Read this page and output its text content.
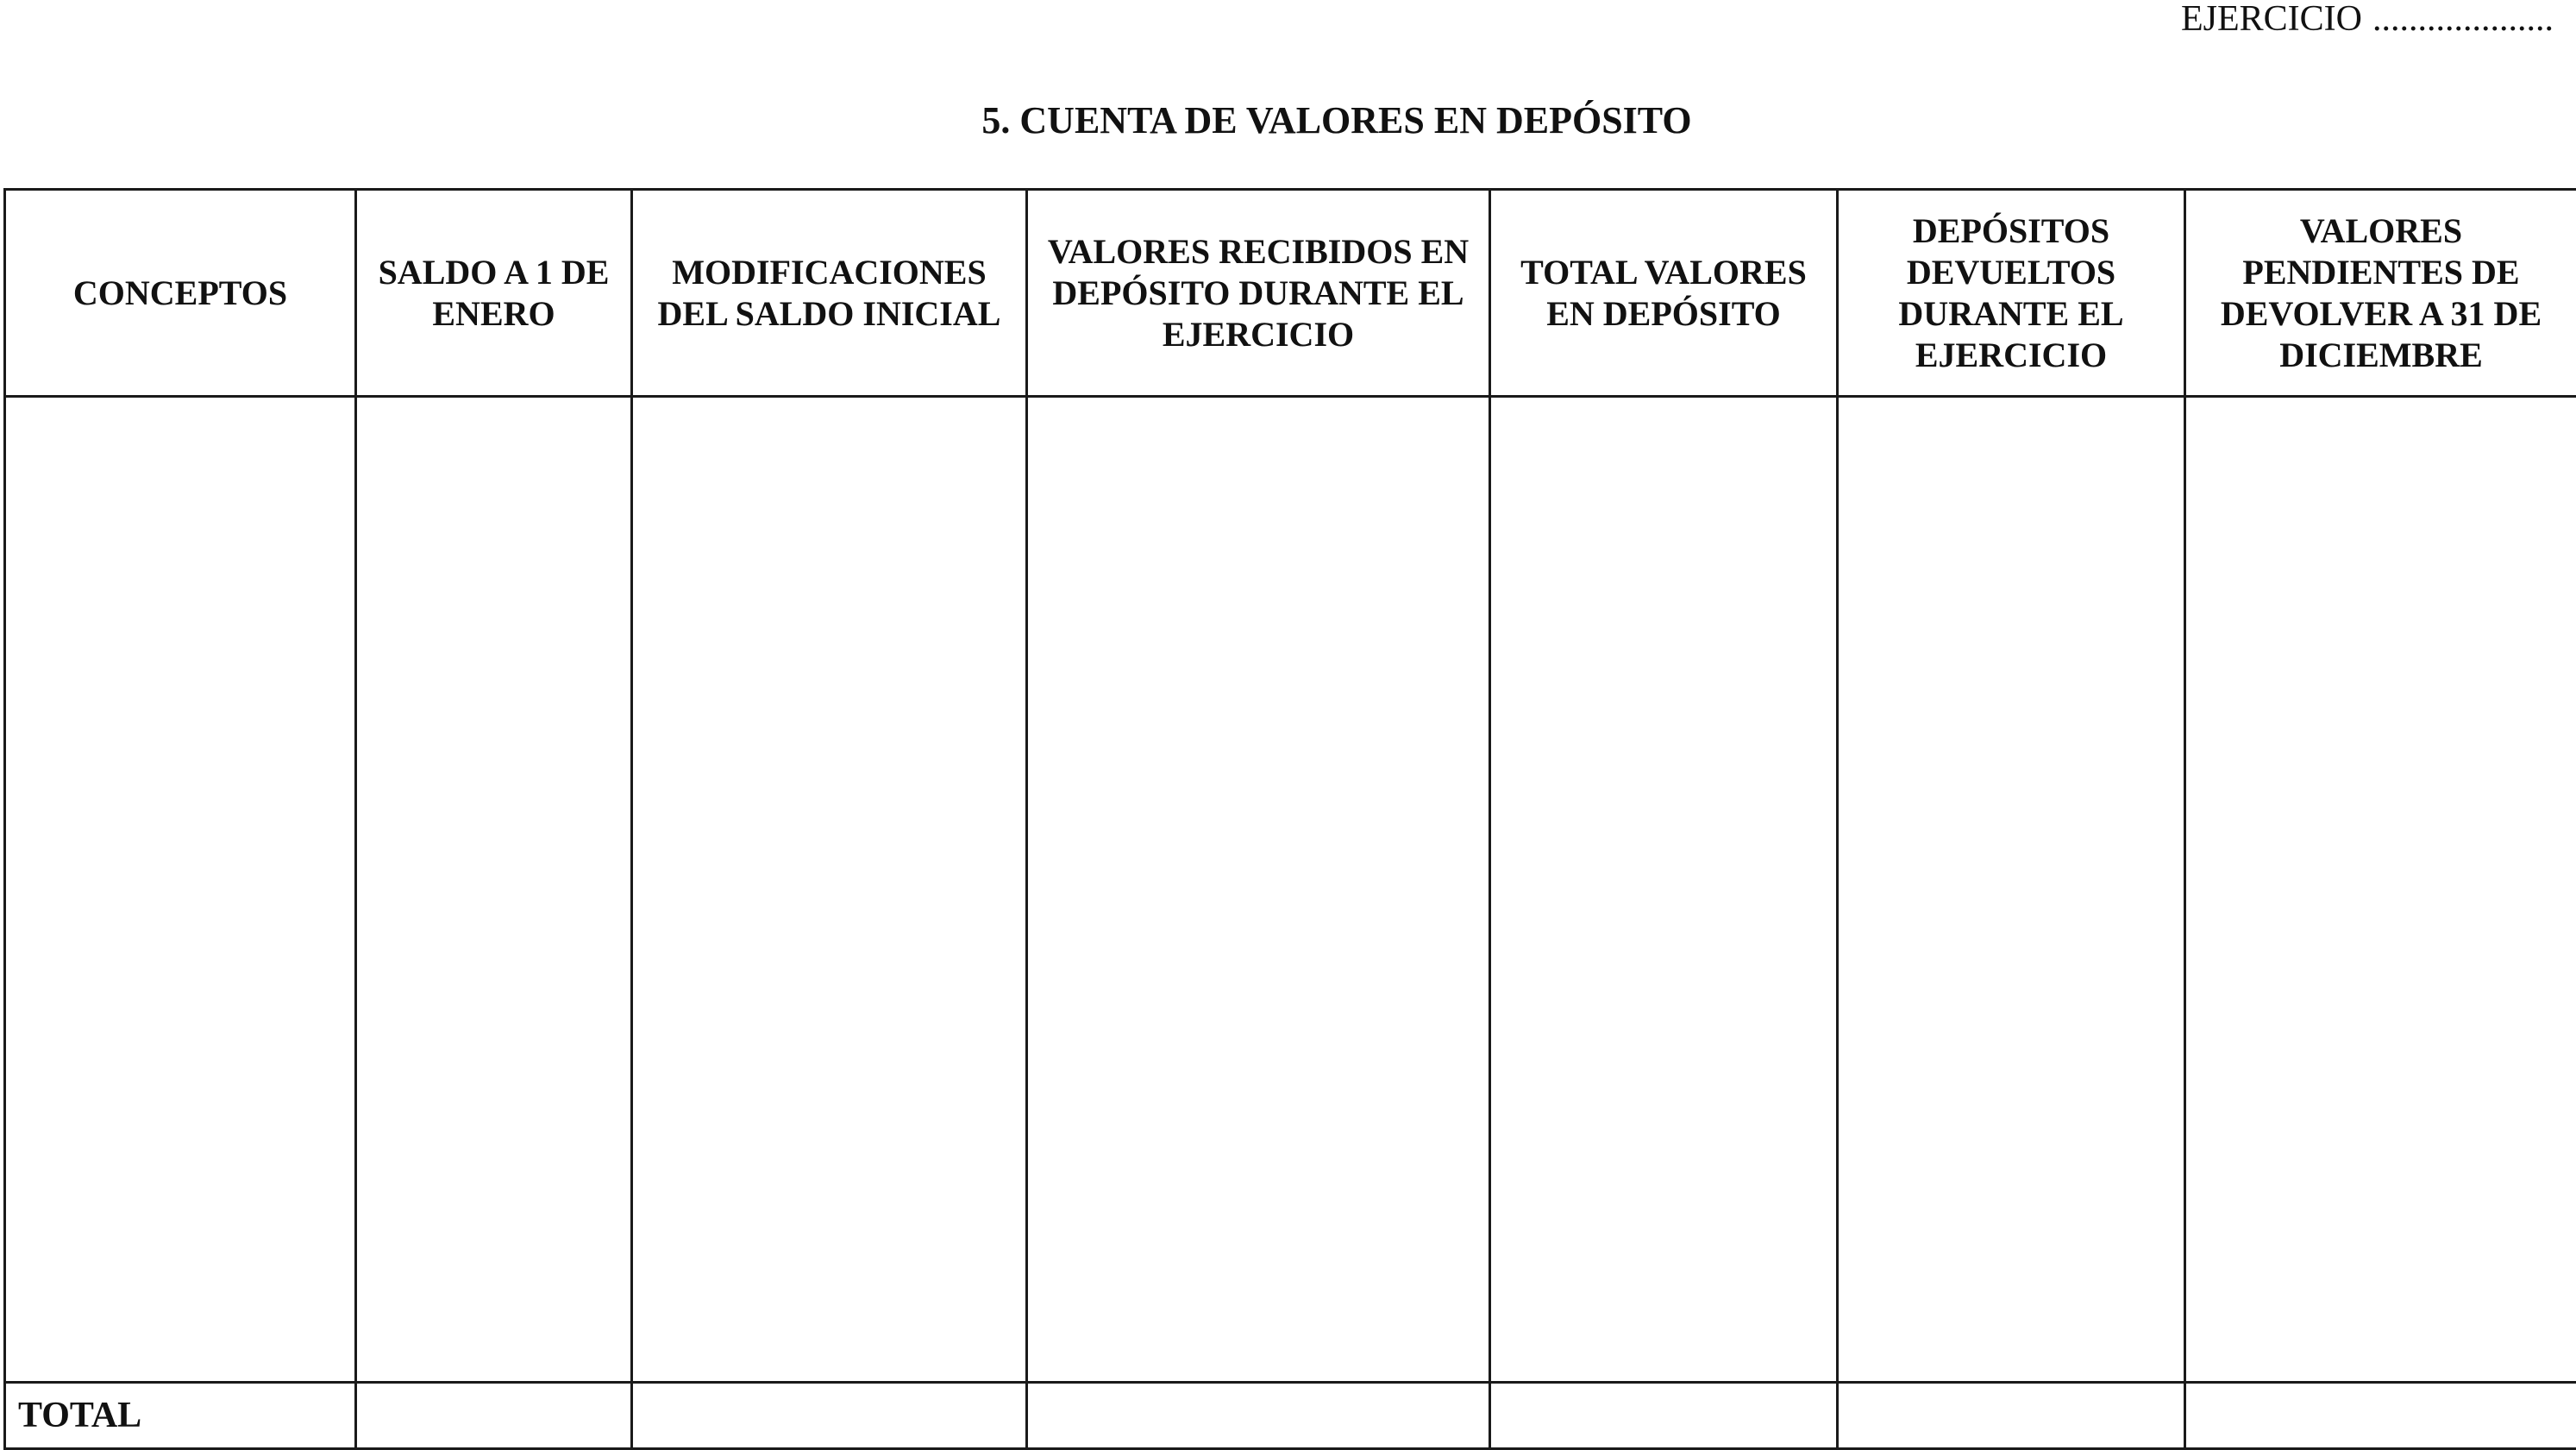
EJERCICIO ....................
5. CUENTA DE VALORES EN DEPÓSITO
CONCEPTOS	SALDO A 1 DE ENERO	MODIFICACIONES DEL SALDO INICIAL	VALORES RECIBIDOS EN DEPÓSITO DURANTE EL EJERCICIO	TOTAL VALORES EN DEPÓSITO	DEPÓSITOS DEVUELTOS DURANTE EL EJERCICIO	VALORES PENDIENTES DE DEVOLVER A 31 DE DICIEMBRE

TOTAL						
